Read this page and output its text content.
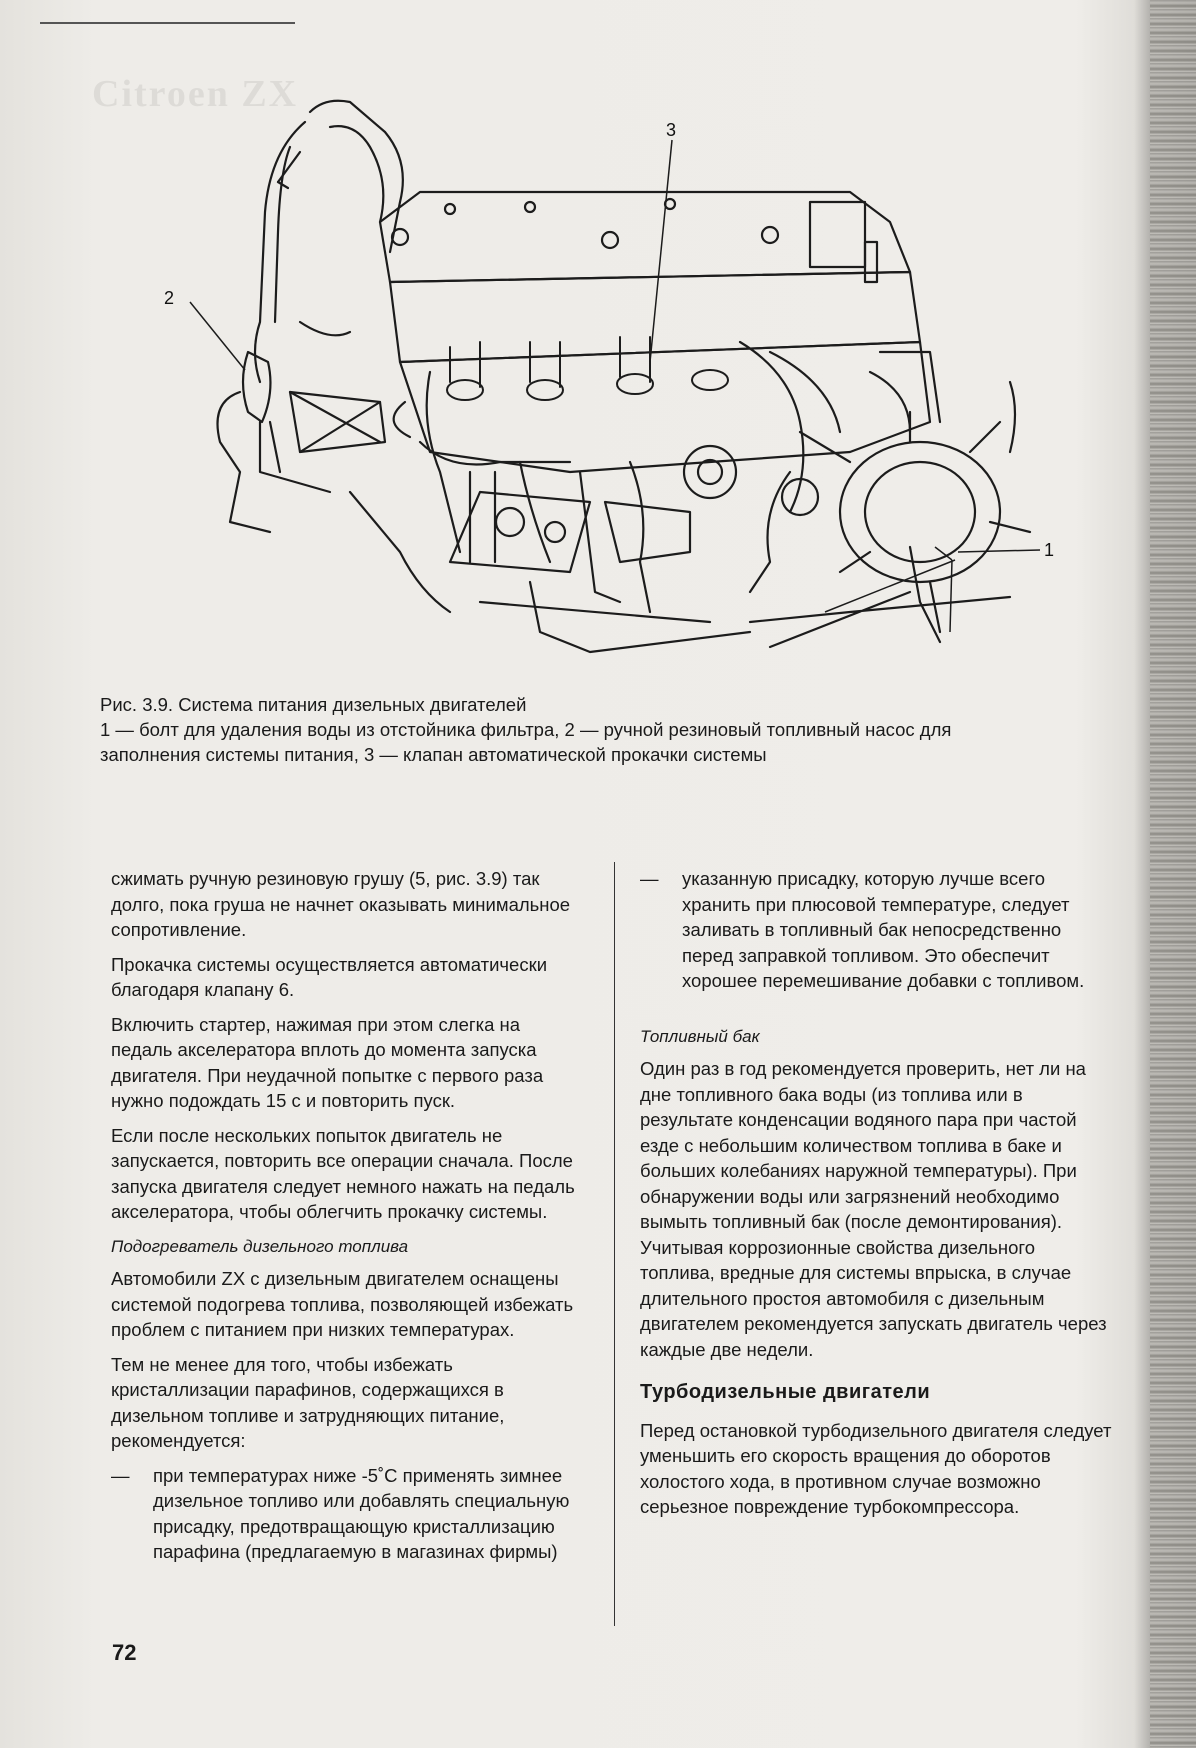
Citroen ZX
2
3
1

Рис. 3.9. Система питания дизельных двигателей

1 — болт для удаления воды из отстойника фильтра, 2 — ручной резиновый топливный насос для

заполнения системы питания, 3 — клапан автоматической прокачки системы

сжимать ручную резиновую грушу (5, рис. 3.9) так долго, пока груша не начнет оказывать минимальное сопротивление.

Прокачка системы осуществляется автоматически благодаря клапану 6.

Включить стартер, нажимая при этом слегка на педаль акселератора вплоть до момента запуска двигателя. При неудачной попытке с первого раза нужно подождать 15 с и повторить пуск.

Если после нескольких попыток двигатель не запускается, повторить все операции сначала. После запуска двигателя следует немного нажать на педаль акселератора, чтобы облегчить прокачку системы.

Подогреватель дизельного топлива

Автомобили ZX с дизельным двигателем оснащены системой подогрева топлива, позволяющей избежать проблем с питанием при низких температурах.

Тем не менее для того, чтобы избежать кристаллизации парафинов, содержащихся в дизельном топливе и затрудняющих питание, рекомендуется:

— при температурах ниже -5˚С применять зимнее дизельное топливо или добавлять специальную присадку, предотвращающую кристаллизацию парафина (предлагаемую в магазинах фирмы)
— указанную присадку, которую лучше всего хранить при плюсовой температуре, следует заливать в топливный бак непосредственно перед заправкой топливом. Это обеспечит хорошее перемешивание добавки с топливом.
Топливный бак

Один раз в год рекомендуется проверить, нет ли на дне топливного бака воды (из топлива или в результате конденсации водяного пара при частой езде с небольшим количеством топлива в баке и больших колебаниях наружной температуры). При обнаружении воды или загрязнений необходимо вымыть топливный бак (после демонтирования). Учитывая коррозионные свойства дизельного топлива, вредные для системы впрыска, в случае длительного простоя автомобиля с дизельным двигателем рекомендуется запускать двигатель через каждые две недели.

Турбодизельные двигатели

Перед остановкой турбодизельного двигателя следует уменьшить его скорость вращения до оборотов холостого хода, в противном случае возможно серьезное повреждение турбокомпрессора.

72
